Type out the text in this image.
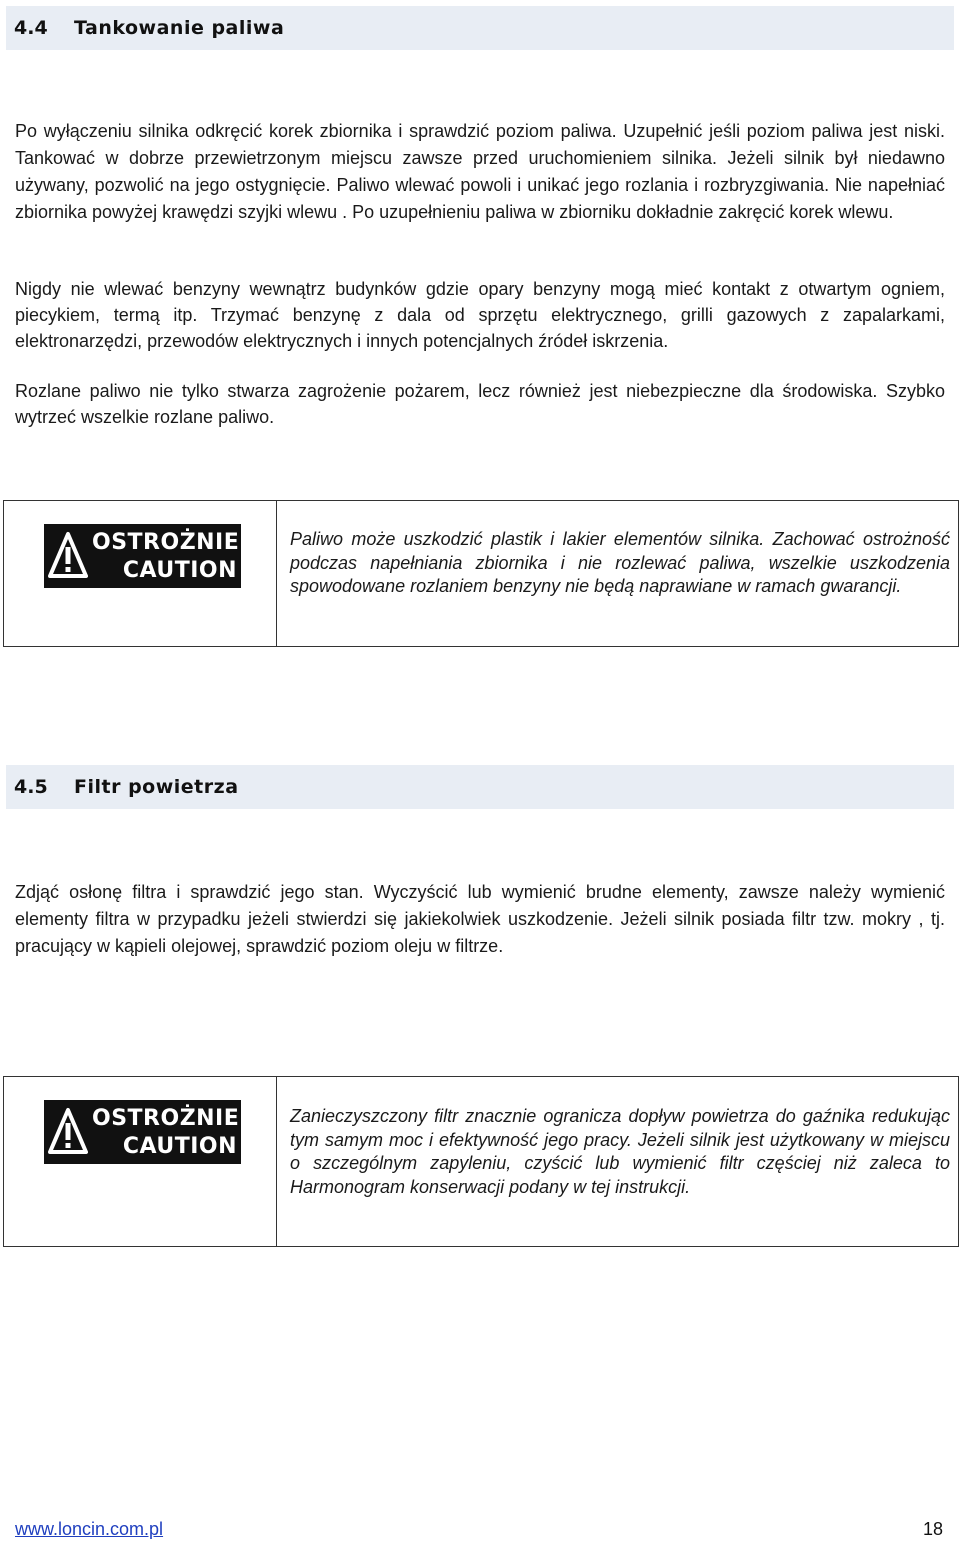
4.4 Tankowanie paliwa

Po wyłączeniu silnika odkręcić korek zbiornika i sprawdzić poziom paliwa. Uzupełnić jeśli poziom paliwa jest niski. Tankować w dobrze przewietrzonym miejscu zawsze przed uruchomieniem silnika. Jeżeli silnik był niedawno używany, pozwolić na jego ostygnięcie. Paliwo wlewać powoli i unikać jego rozlania i rozbryzgiwania. Nie napełniać zbiornika powyżej krawędzi szyjki wlewu . Po uzupełnieniu paliwa w zbiorniku dokładnie zakręcić korek wlewu.

Nigdy nie wlewać benzyny wewnątrz budynków gdzie opary benzyny mogą mieć kontakt z otwartym ogniem, piecykiem, termą itp. Trzymać benzynę z dala od sprzętu elektrycznego, grilli gazowych z zapalarkami, elektronarzędzi, przewodów elektrycznych i innych potencjalnych źródeł iskrzenia.

Rozlane paliwo nie tylko stwarza zagrożenie pożarem, lecz również jest niebezpieczne dla środowiska. Szybko wytrzeć wszelkie rozlane paliwo.

OSTROŻNIE
CAUTION

Paliwo może uszkodzić plastik i lakier elementów silnika. Zachować ostrożność podczas napełniania zbiornika i nie rozlewać paliwa, wszelkie uszkodzenia spowodowane rozlaniem benzyny nie będą naprawiane w ramach gwarancji.

4.5 Filtr powietrza

Zdjąć osłonę filtra i sprawdzić jego stan. Wyczyścić lub wymienić brudne elementy, zawsze należy wymienić elementy filtra w przypadku jeżeli stwierdzi się jakiekolwiek uszkodzenie. Jeżeli silnik posiada filtr tzw. mokry , tj. pracujący w kąpieli olejowej, sprawdzić poziom oleju w filtrze.

OSTROŻNIE
CAUTION

Zanieczyszczony filtr znacznie ogranicza dopływ powietrza do gaźnika redukując tym samym moc i efektywność jego pracy. Jeżeli silnik jest użytkowany w miejscu o szczególnym zapyleniu, czyścić lub wymienić filtr częściej niż zaleca to Harmonogram konserwacji podany w tej instrukcji.

www.loncin.com.pl	18
